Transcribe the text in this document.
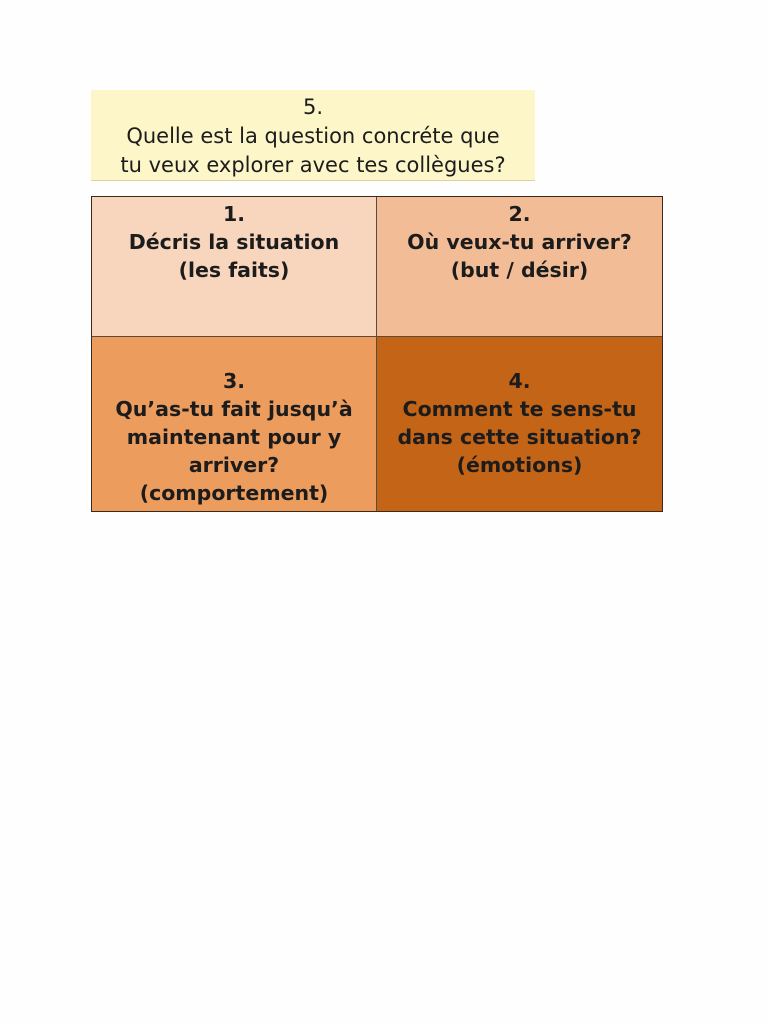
5.
Quelle est la question concréte que
tu veux explorer avec tes collègues?
1.
Décris la situation
(les faits)
2.
Où veux-tu arriver?
(but / désir)
3.
Qu’as-tu fait jusqu’à
maintenant pour y
arriver?
(comportement)
4.
Comment te sens-tu
dans cette situation?
(émotions)
